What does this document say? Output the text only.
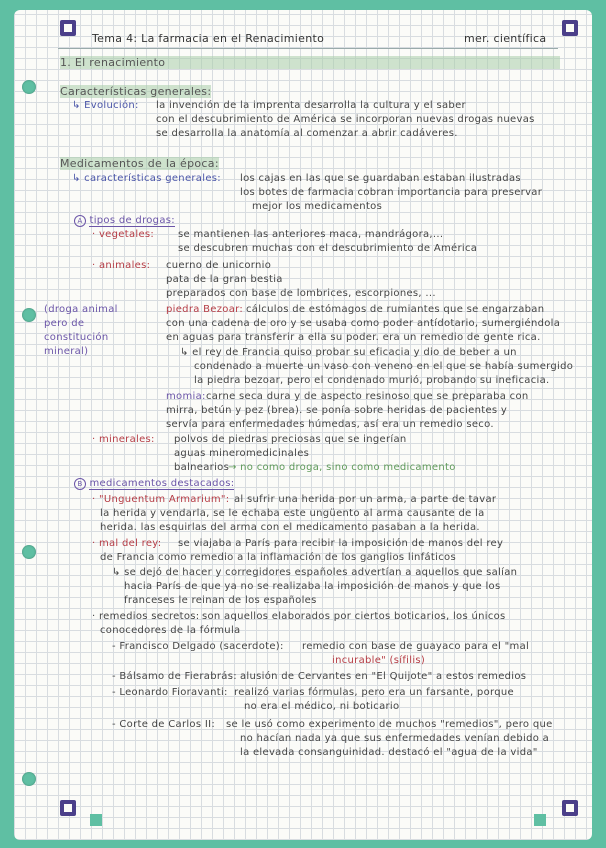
Tema 4: La farmacia en el Renacimiento	mer. científica
1. El renacimiento
Características generales:
↳ Evolución: la invención de la imprenta desarrolla la cultura y el saber
con el descubrimiento de América se incorporan nuevas drogas nuevas
se desarrolla la anatomía al comenzar a abrir cadáveres.
Medicamentos de la época:
↳ características generales: los cajas en las que se guardaban estaban ilustradas
los botes de farmacia cobran importancia para preservar
mejor los medicamentos
A tipos de drogas:
· vegetales: se mantienen las anteriores maca, mandrágora,...
se descubren muchas con el descubrimiento de América
· animales: cuerno de unicornio
pata de la gran bestia
preparados con base de lombrices, escorpiones, ...
(droga animal
pero de
constitución
mineral)
piedra Bezoar: cálculos de estómagos de rumiantes que se engarzaban
con una cadena de oro y se usaba como poder antídotario, sumergiéndola
en aguas para transferir a ella su poder. era un remedio de gente rica.
↳ el rey de Francia quiso probar su eficacia y dio de beber a un
condenado a muerte un vaso con veneno en el que se había sumergido
la piedra bezoar, pero el condenado murió, probando su ineficacia.
momia: carne seca dura y de aspecto resinoso que se preparaba con
mirra, betún y pez (brea). se ponía sobre heridas de pacientes y
servía para enfermedades húmedas, así era un remedio seco.
· minerales: polvos de piedras preciosas que se ingerían
aguas mineromedicinales
balnearios
→ no como droga, sino como medicamento
B medicamentos destacados:
· "Unguentum Armarium": al sufrir una herida por un arma, a parte de tavar
la herida y vendarla, se le echaba este ungüento al arma causante de la
herida. las esquirlas del arma con el medicamento pasaban a la herida.
· mal del rey: se viajaba a París para recibir la imposición de manos del rey
de Francia como remedio a la inflamación de los ganglios linfáticos
↳ se dejó de hacer y corregidores españoles advertían a aquellos que salían
hacia París de que ya no se realizaba la imposición de manos y que los
franceses le reinan de los españoles
· remedios secretos: son aquellos elaborados por ciertos boticarios, los únicos
conocedores de la fórmula
- Francisco Delgado (sacerdote): remedio con base de guayaco para el "mal
incurable" (sífilis)
- Bálsamo de Fierabrás: alusión de Cervantes en "El Quijote" a estos remedios
- Leonardo Fioravanti: realizó varias fórmulas, pero era un farsante, porque
no era el médico, ni boticario
- Corte de Carlos II: se le usó como experimento de muchos "remedios", pero que
no hacían nada ya que sus enfermedades venían debido a
la elevada consanguinidad. destacó el "agua de la vida"
